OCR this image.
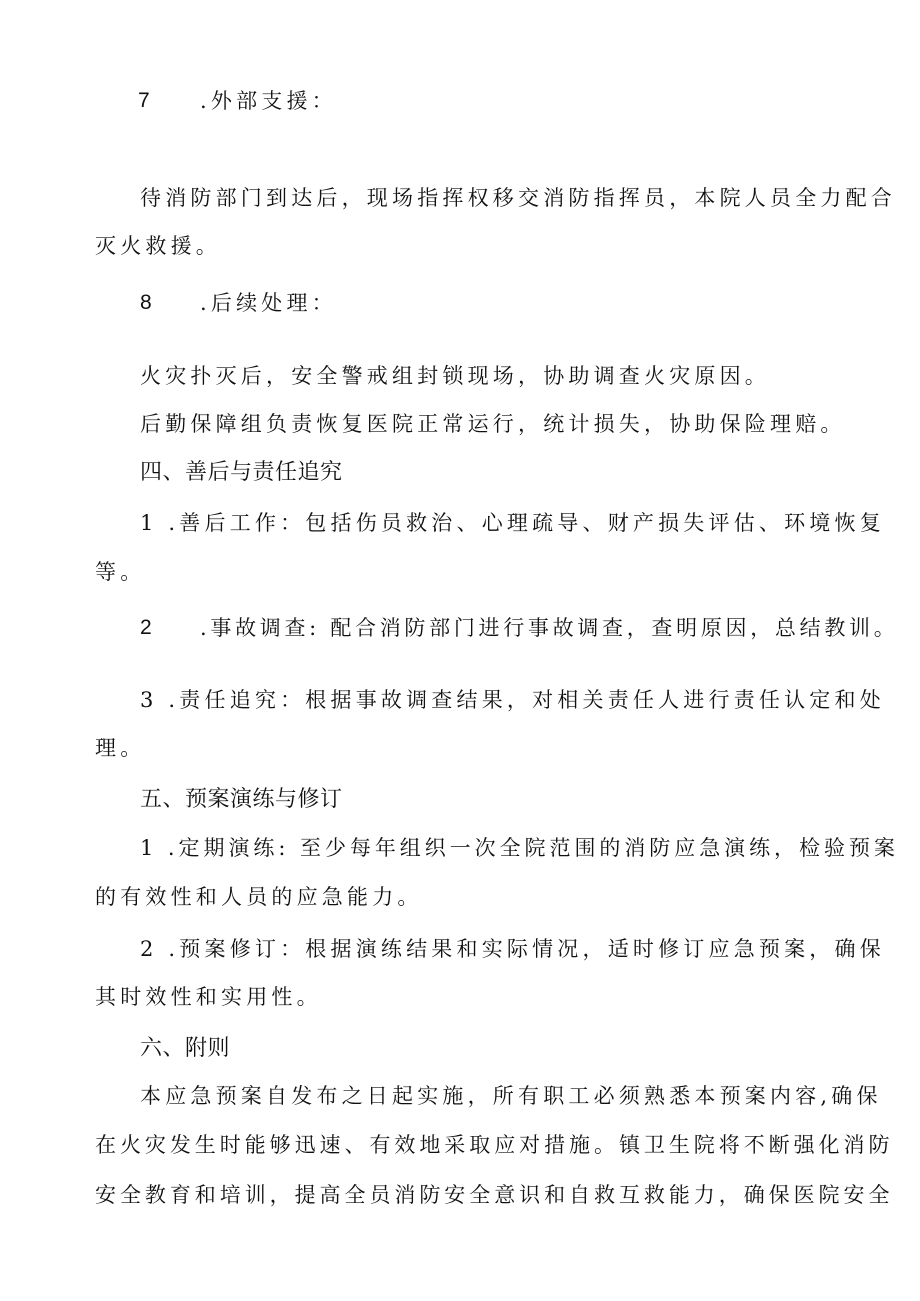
7 .外部支援：
待消防部门到达后，现场指挥权移交消防指挥员，本院人员全力配合
灭火救援。
8 .后续处理：
火灾扑灭后，安全警戒组封锁现场，协助调查火灾原因。
后勤保障组负责恢复医院正常运行，统计损失，协助保险理赔。
四、善后与责任追究
1 .善后工作：包括伤员救治、心理疏导、财产损失评估、环境恢复
等。
2 .事故调查: 配合消防部门进行事故调查，查明原因，总结教训。
3 .责任追究：根据事故调查结果，对相关责任人进行责任认定和处
理。
五、预案演练与修订
1 .定期演练: 至少每年组织一次全院范围的消防应急演练，检验预案
的有效性和人员的应急能力。
2 .预案修订：根据演练结果和实际情况，适时修订应急预案，确保
其时效性和实用性。
六、附则
本应急预案自发布之日起实施，所有职工必须熟悉本预案内容,确保
在火灾发生时能够迅速、有效地采取应对措施。镇卫生院将不断强化消防
安全教育和培训，提高全员消防安全意识和自救互救能力，确保医院安全
